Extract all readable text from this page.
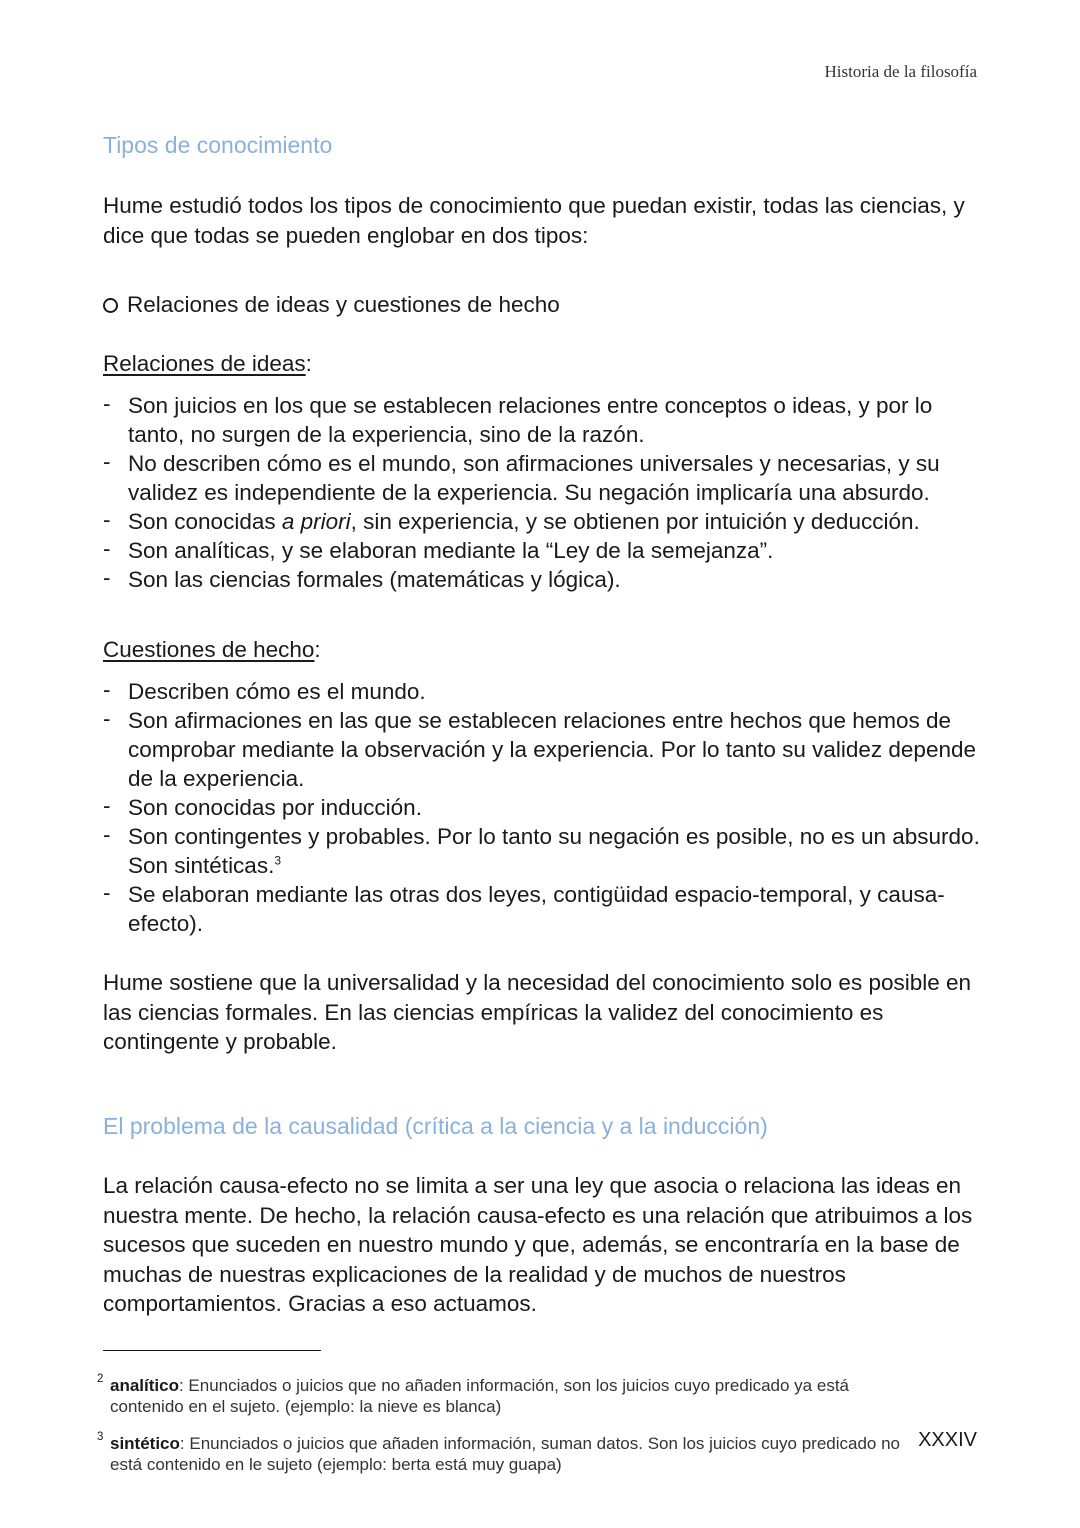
Historia de la filosofía
Tipos de conocimiento

Hume estudió todos los tipos de conocimiento que puedan existir, todas las ciencias, y dice que todas se pueden englobar en dos tipos:

Relaciones de ideas y cuestiones de hecho

Relaciones de ideas:

- Son juicios en los que se establecen relaciones entre conceptos o ideas, y por lo tanto, no surgen de la experiencia, sino de la razón.
- No describen cómo es el mundo, son afirmaciones universales y necesarias, y su validez es independiente de la experiencia. Su negación implicaría una absurdo.
- Son conocidas a priori, sin experiencia, y se obtienen por intuición y deducción.
- Son analíticas, y se elaboran mediante la “Ley de la semejanza”.
- Son las ciencias formales (matemáticas y lógica).

Cuestiones de hecho:

- Describen cómo es el mundo.
- Son afirmaciones en las que se establecen relaciones entre hechos que hemos de comprobar mediante la observación y la experiencia. Por lo tanto su validez depende de la experiencia.
- Son conocidas por inducción.
- Son contingentes y probables. Por lo tanto su negación es posible, no es un absurdo. Son sintéticas.$^3$
- Se elaboran mediante las otras dos leyes, contigüidad espacio-temporal, y causa-efecto).

Hume sostiene que la universalidad y la necesidad del conocimiento solo es posible en las ciencias formales. En las ciencias empíricas la validez del conocimiento es contingente y probable.

El problema de la causalidad (crítica a la ciencia y a la inducción)

La relación causa-efecto no se limita a ser una ley que asocia o relaciona las ideas en nuestra mente. De hecho, la relación causa-efecto es una relación que atribuimos a los sucesos que suceden en nuestro mundo y que, además, se encontraría en la base de muchas de nuestras explicaciones de la realidad y de muchos de nuestros comportamientos. Gracias a eso actuamos.

2 analítico: Enunciados o juicios que no añaden información, son los juicios cuyo predicado ya está contenido en el sujeto. (ejemplo: la nieve es blanca)
3 sintético: Enunciados o juicios que añaden información, suman datos. Son los juicios cuyo predicado no está contenido en le sujeto (ejemplo: berta está muy guapa)
XXXIV
